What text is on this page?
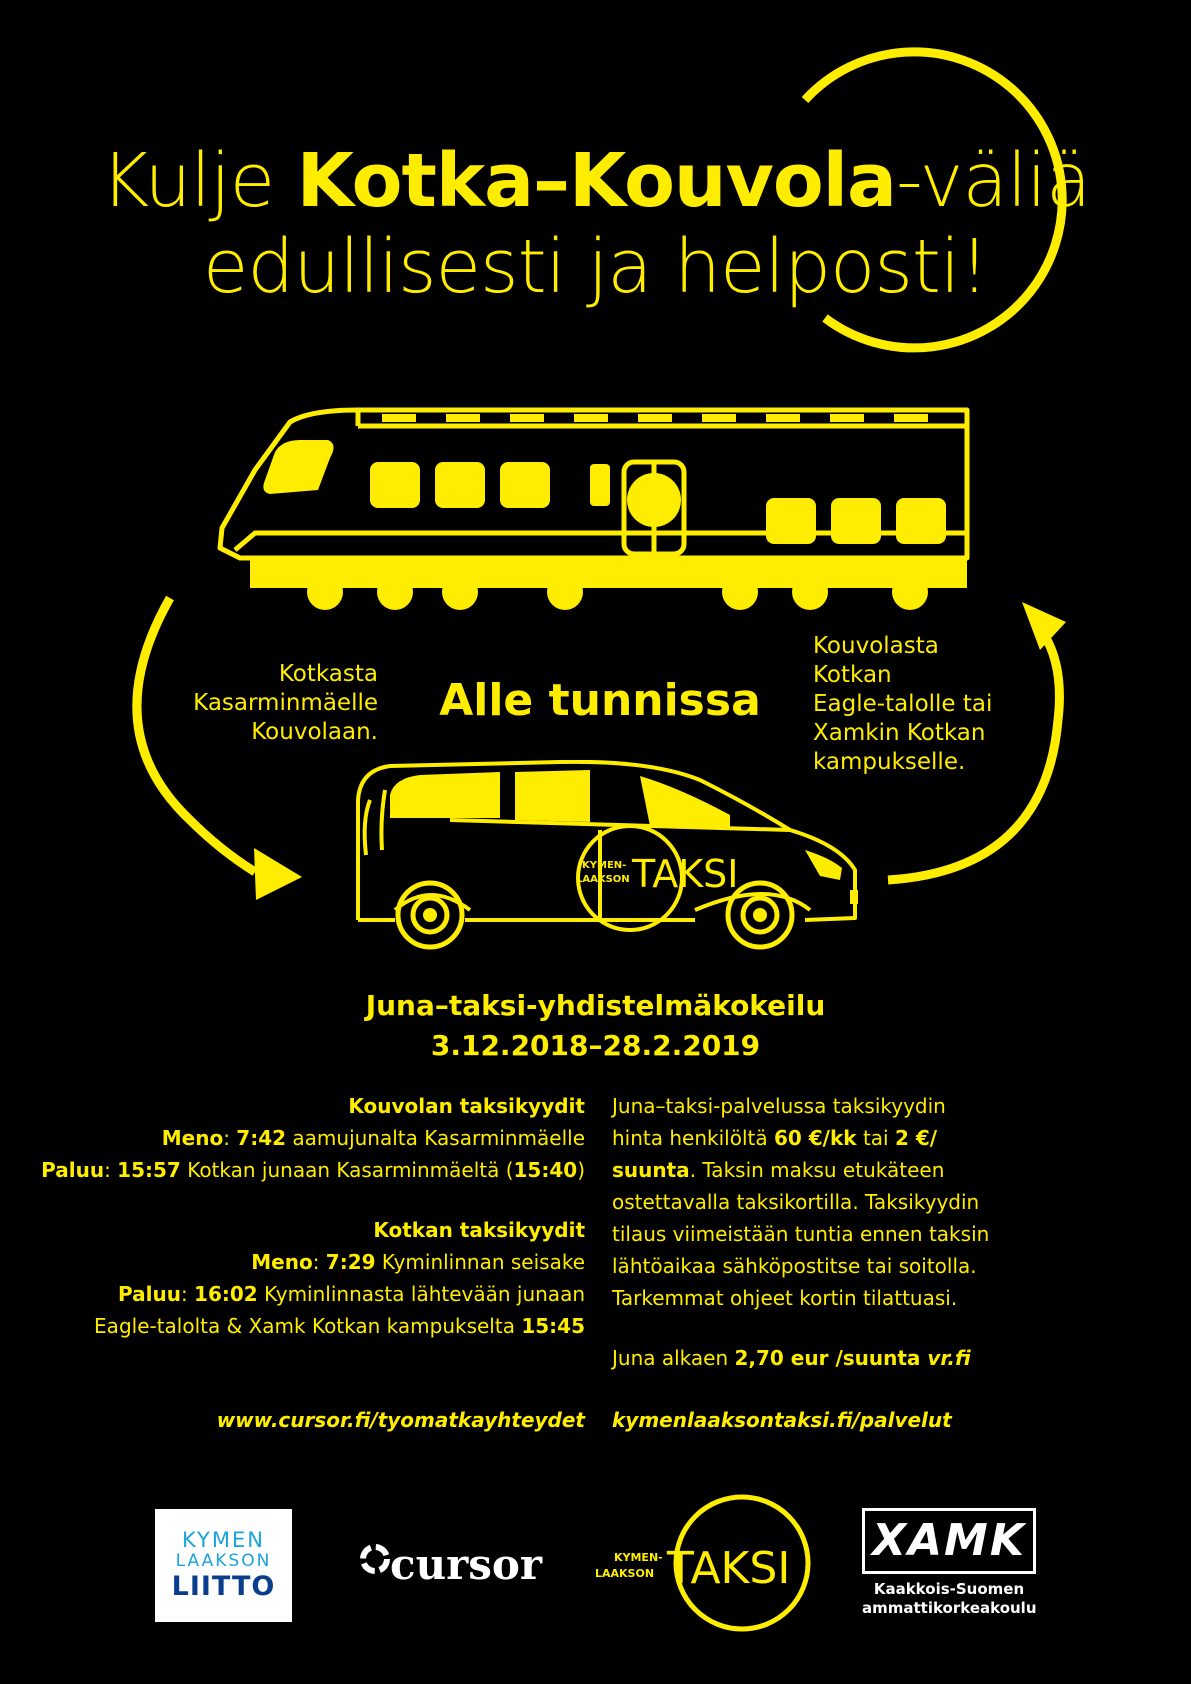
Kulje Kotka–Kouvola-väliä
edullisesti ja helposti!
Kotkasta
Kasarminmäelle
Kouvolaan.
Alle tunnissa
Kouvolasta
Kotkan
Eagle-talolle tai
Xamkin Kotkan
kampukselle.
KYMEN-
LAAKSON TAKSI
Juna–taksi-yhdistelmäkokeilu
3.12.2018–28.2.2019
Kouvolan taksikyydit
Meno: 7:42 aamujunalta Kasarminmäelle
Paluu: 15:57 Kotkan junaan Kasarminmäeltä (15:40)
Kotkan taksikyydit
Meno: 7:29 Kyminlinnan seisake
Paluu: 16:02 Kyminlinnasta lähtevään junaan
Eagle-talolta & Xamk Kotkan kampukselta 15:45
Juna–taksi-palvelussa taksikyydin
hinta henkilöltä 60 €/kk tai 2 €/
suunta. Taksin maksu etukäteen
ostettavalla taksikortilla. Taksikyydin
tilaus viimeistään tuntia ennen taksin
lähtöaikaa sähköpostitse tai soitolla.
Tarkemmat ohjeet kortin tilattuasi.
Juna alkaen 2,70 eur /suunta vr.fi
www.cursor.fi/tyomatkayhteydet kymenlaaksontaksi.fi/palvelut
KYMEN
LAAKSON
LIITTO	cursor	KYMEN-
LAAKSON TAKSI
XAMK
Kaakkois-Suomen
ammattikorkeakoulu
